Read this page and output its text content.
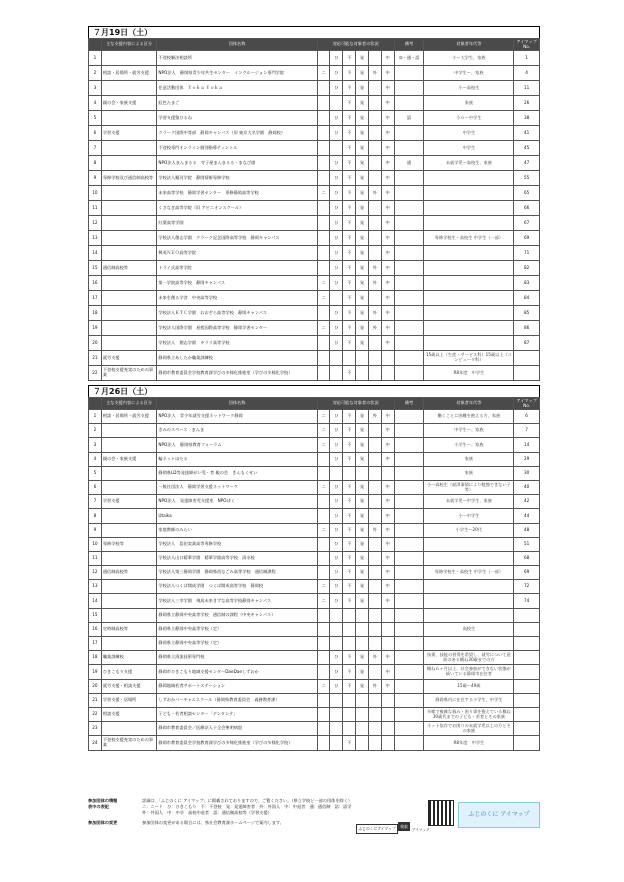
７月19日（土）
	主な支援内容による区分	団体名称	対応可能な対象者の状況						備考	対象者年代等	アイマップNo.
1		不登校解決相談所		ひ	不	発		中	ゆ・通・語	小～大学生、家族	1
2	相談・居場所・就労支援	NPO法人　静岡県青少年共生センター　インクルージョン専門学院	ニ	ひ	不	発	外	中		中学生～、家族	4
3		任意活動団体　Ｙｏｋａ Ｙｏｋａ		ひ	不	発		中		小～高校生	11
4	親の会・家族支援	虹色たまご			不	発		中		家族	26
5		学習支援塾ひるね		ひ	不	発		中	語	小６～中学生	38
6	学習支援	クラーク国際中等部　静岡キャンパス（旧 東京大名学園　静岡校）		ひ	不	発		中		中学生	41
7		不登校専門オンライン個別指導ティントル			不	発		中		中学生	45
8		NPO法人まんまるる　寺子屋まんまるる・まなび園		ひ	不	発		中	通	未就学児～高校生、家族	47
9	専修学校及び通信制高校等	学校法人順河学院　静岡情報専修学校		ひ	不	発		中			55
10		未来高等学校　静岡学習センター　専修静岡高等学校	ニ	ひ	不	発	外	中			65
11		くさなぎ高等学院（旧 アビニオンスクール）		ひ	不	発		中			66
12		紅葉高等学園		ひ	不	発		中			67
13		学校法人創志学園　クラーク記念国際高等学校　静岡キャンパス		ひ	不	発		中		専修学校生・高校生 中学生（一部）	69
14		興英ＮＥＯ高等学院		ひ	不	発		中			71
15	通信制高校等	トライ式高等学院		ひ	不	発	外	中			82
16		第一学院高等学校　静岡キャンパス	ニ	ひ	不	発	外	中			83
17		未来を創る学舎　中央高等学校	ニ		不	発		中			84
18		学校法人ＫＴＣ学園　おおぞら高等学校　静岡キャンパス		ひ	不	発	外	中			85
19		学校法人国際学園　星槎国際高等学校　静岡学習センター	ニ	ひ	不	発	外	中			86
20		学校法人　創志学園　キラリ高等学校		ひ	不	発		中			87
21	就労支援	静岡県立あしたか職業訓練校								15歳以上（生産・サービス科）15歳以上（コンピュータ科）	
22	不登校支援充実のための事業	静岡市教育委員会学校教育課学びの多様化推進室（学びの多様化学校）			不					R8年度　中学生	
７月26日（土）
	主な支援内容による区分	団体名称	対応可能な対象者の状況						備考	対象者年代等	アイマップNo.
1	相談・居場所・就労支援	NPO法人　青少年就労支援ネットワーク静岡	ニ	ひ	不	発	外	中		働くことに困難を抱える方、家族	6
2		きみのスペース　まんま	ニ	ひ	不	発		中		中学生～、家族	7
3		NPO法人　静岡県教育フォーラム	ニ	ひ	不	発		中		小学生～、家族	14
4	親の会・家族支援	輪ネットほたる		ひ	不	発		中		家族	29
5		静岡県LD等発達障がい児・者 親の会　きんもくせい								家族	30
6		一般社団法人　静岡学習支援ネットワーク	ニ	ひ	不	発		中		小～高校生（経済事情により勉強できない子等）	40
7	学習支援	NPO法人　発達障害児支援室　NPOぱく		ひ	不	発		中		未就学児～中学生、家族	42
8		Utaika		ひ	不	発		中		小～中学生	44
9		家庭教師のみらい	ニ	ひ	不	発	外	中		小学生～20代	48
10	専修学校等	学校法人　島田実業高等専修学校		ひ	不	発		中			51
11		学校法人山口精華学園　精華学園高等学校　清水校		ひ	不	発		中			68
12	通信制高校等	学校法人第三静岡学園　静岡県西なごみ高等学校　通信制課程		ひ	不	発		中		専修学校生・高校生 中学生（一部）	69
13		学校法人つくば開成学園　つくば開成高等学校　静岡校	ニ	ひ	不	発		中			72
14		学校法人三幸学園　飛鳥未来きずな高等学校静岡キャンパス	ニ	ひ	不	発		中			74
15		静岡県立静岡中央高等学校　通信制の課程（中央キャンパス）									
16	定時制高校等	静岡県立静岡中央高等学校（定）								高校生	
17		静岡県立静岡中央高等学校（定）									
18	職業訓練校	静岡県立清流技術専門校		ひ	不	発	外	中		技術、技能の習得を希望し、就労について意欲のある概ね30歳までの方	
19	ひきこもり支援	静岡市ひきこもり地域支援センターDaeDaeしずおか		ひ	不	発		中		概ね６ヶ月以上、社会参加ができない状態が続いている静岡市在住者	
20	就労支援・相談支援	静岡地域若者サポートステーション	ニ	ひ	不	発	外	中		15歳～49歳	
21	学習支援・居場所	しずおかバーチャルスクール（静岡県教育委員会　義務教育課）								静岡県内に在住する小学生、中学生	
22	相談支援	子ども・若者相談センター「デンタンテ」								多様で複雑な悩み・困り事を抱えている概ね30歳代までの子ども・若者とその家族	
23		静岡市教育委員会／医療法人十全会聖明病院								ネット依存でお困りの未就学児以上の方とその家族	
24	不登校支援充実のための事業	静岡市教育委員会学校教育課学びの多様化推進室（学びの多様化学校）			不					R8年度　中学生	
参加団体の情報	詳細は、「ふじのくに アイマップ」に掲載されておりますので、ご覧ください。（県立学校と一部の団体を除く）
表中の表記	ニ：ニート　ひ：ひきこもり　不：不登校　発：発達障害者　外：外国人　中：中退者　通：通信制　語：語学
外：外国人　中：中卒　高校中退者　語：通信制高校等（学習支援）
参加団体の変更	参加団体の変更がある場合には、県社会教育課ホームページで案内します。
ふじのくにアイマップ	検索
アイマップ
ふじのくに アイマップ
